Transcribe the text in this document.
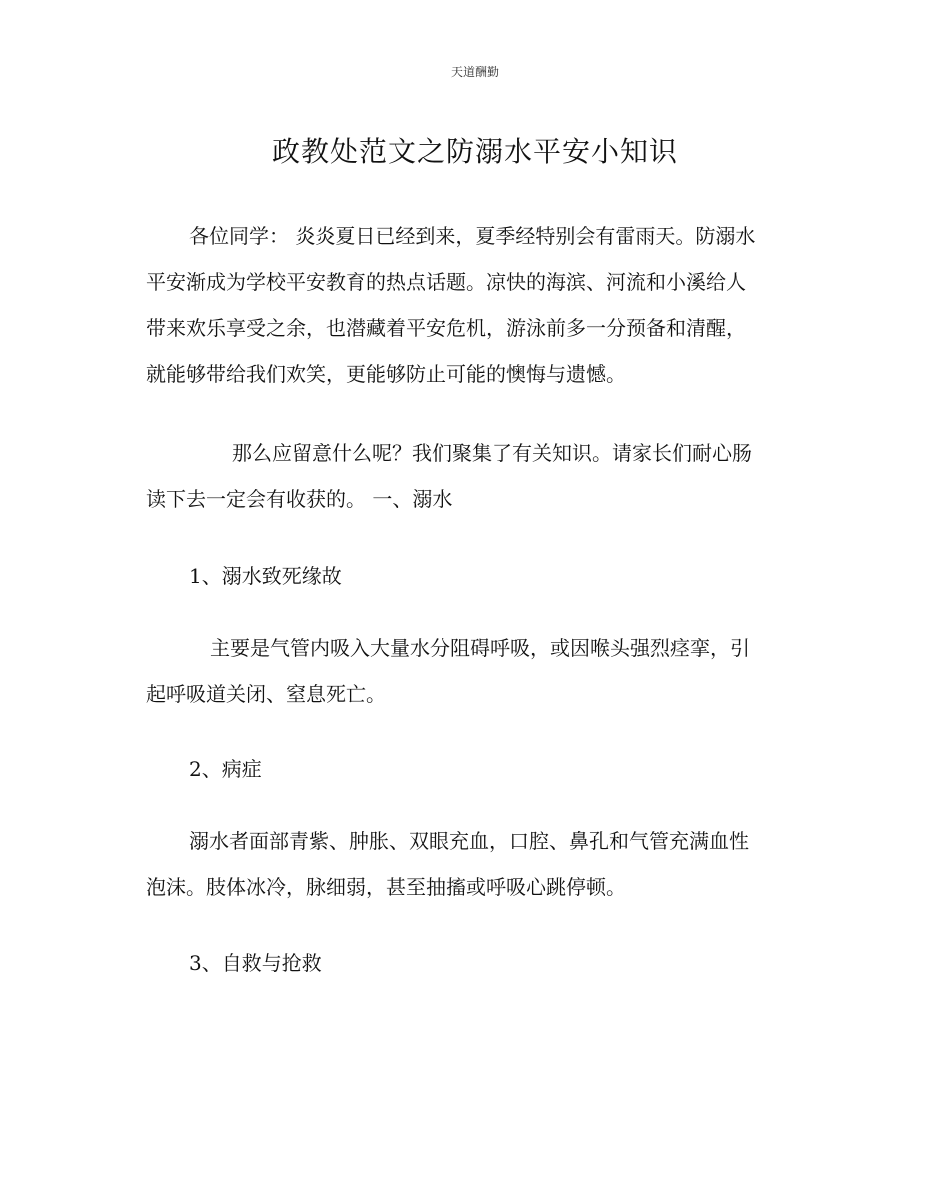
天道酬勤
政教处范文之防溺水平安小知识
各位同学： 炎炎夏日已经到来，夏季经特别会有雷雨天。防溺水
平安渐成为学校平安教育的热点话题。凉快的海滨、河流和小溪给人
带来欢乐享受之余，也潜藏着平安危机，游泳前多一分预备和清醒，
就能够带给我们欢笑，更能够防止可能的懊悔与遗憾。
那么应留意什么呢？我们聚集了有关知识。请家长们耐心肠
读下去一定会有收获的。 一、溺水
1、溺水致死缘故
主要是气管内吸入大量水分阻碍呼吸，或因喉头强烈痉挛，引
起呼吸道关闭、窒息死亡。
2、病症
溺水者面部青紫、肿胀、双眼充血，口腔、鼻孔和气管充满血性
泡沫。肢体冰冷，脉细弱，甚至抽搐或呼吸心跳停顿。
3、自救与抢救
